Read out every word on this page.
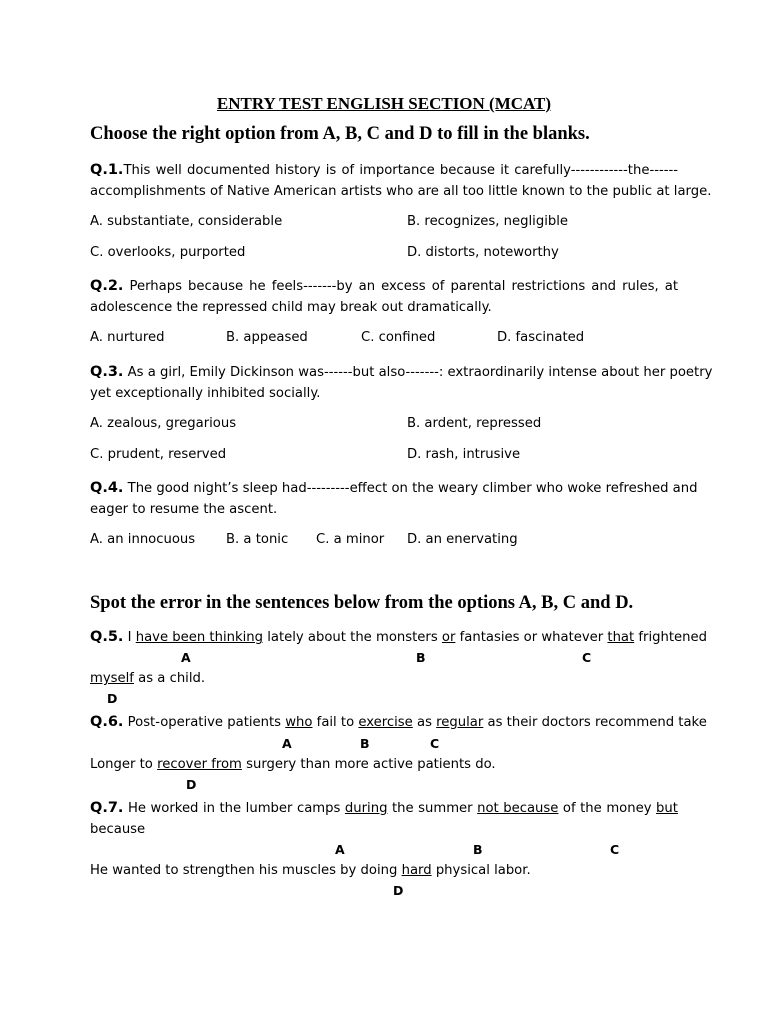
ENTRY TEST ENGLISH SECTION (MCAT)
Choose the right option from A, B, C and D to fill in the blanks.
Q.1.This well documented history is of importance because it carefully------------the------
accomplishments of Native American artists who are all too little known to the public at large.
A. substantiate, considerable	B. recognizes, negligible
C. overlooks, purported	D. distorts, noteworthy
Q.2. Perhaps because he feels-------by an excess of parental restrictions and rules, at
adolescence the repressed child may break out dramatically.
A. nurtured	B. appeased	C. confined	D. fascinated
Q.3. As a girl, Emily Dickinson was------but also-------: extraordinarily intense about her poetry
yet exceptionally inhibited socially.
A. zealous, gregarious	B. ardent, repressed
C. prudent, reserved	D. rash, intrusive
Q.4. The good night’s sleep had---------effect on the weary climber who woke refreshed and
eager to resume the ascent.
A. an innocuous B. a tonic C. a minor D. an enervating
Spot the error in the sentences below from the options A, B, C and D.
Q.5. I have been thinking lately about the monsters or fantasies or whatever that frightened
A	B	C
myself as a child.
D
Q.6. Post-operative patients who fail to exercise as regular as their doctors recommend take
A	B	C
Longer to recover from surgery than more active patients do.
D
Q.7. He worked in the lumber camps during the summer not because of the money but
because
A	B	C
He wanted to strengthen his muscles by doing hard physical labor.
D
